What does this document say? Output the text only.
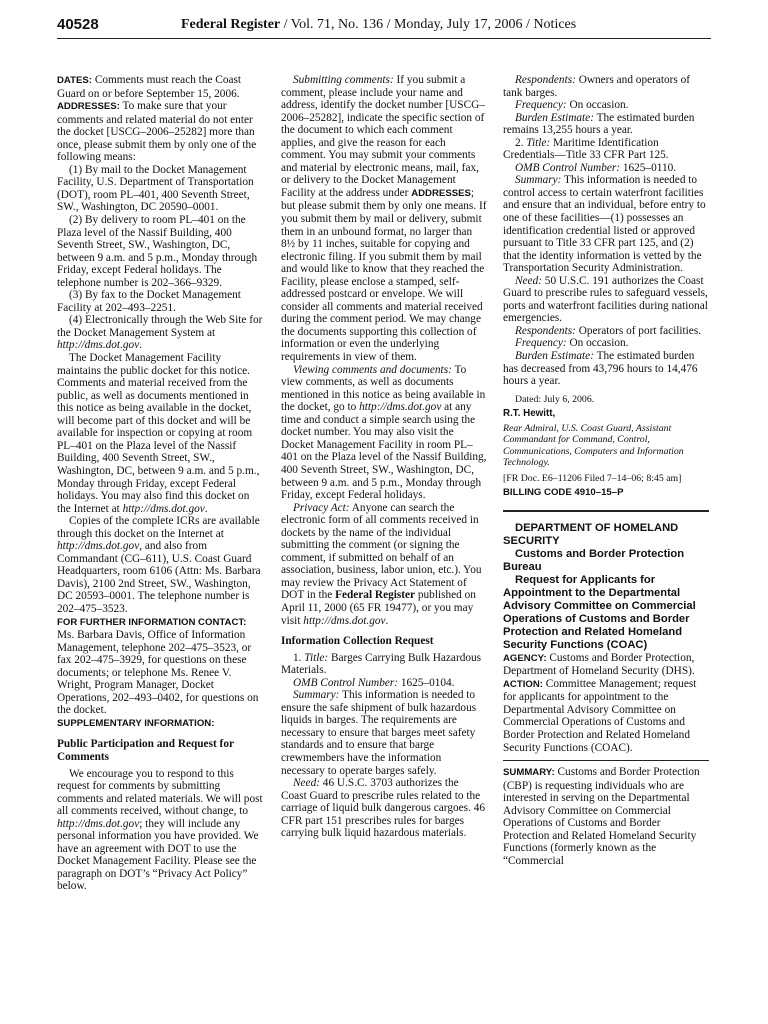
40528	Federal Register / Vol. 71, No. 136 / Monday, July 17, 2006 / Notices

DATES: Comments must reach the Coast Guard on or before September 15, 2006.

ADDRESSES: To make sure that your comments and related material do not enter the docket [USCG–2006–25282] more than once, please submit them by only one of the following means:

(1) By mail to the Docket Management Facility, U.S. Department of Transportation (DOT), room PL–401, 400 Seventh Street, SW., Washington, DC 20590–0001.

(2) By delivery to room PL–401 on the Plaza level of the Nassif Building, 400 Seventh Street, SW., Washington, DC, between 9 a.m. and 5 p.m., Monday through Friday, except Federal holidays. The telephone number is 202–366–9329.

(3) By fax to the Docket Management Facility at 202–493–2251.

(4) Electronically through the Web Site for the Docket Management System at http://dms.dot.gov.

The Docket Management Facility maintains the public docket for this notice. Comments and material received from the public, as well as documents mentioned in this notice as being available in the docket, will become part of this docket and will be available for inspection or copying at room PL–401 on the Plaza level of the Nassif Building, 400 Seventh Street, SW., Washington, DC, between 9 a.m. and 5 p.m., Monday through Friday, except Federal holidays. You may also find this docket on the Internet at http://dms.dot.gov.

Copies of the complete ICRs are available through this docket on the Internet at http://dms.dot.gov, and also from Commandant (CG–611), U.S. Coast Guard Headquarters, room 6106 (Attn: Ms. Barbara Davis), 2100 2nd Street, SW., Washington, DC 20593–0001. The telephone number is 202–475–3523.

FOR FURTHER INFORMATION CONTACT: Ms. Barbara Davis, Office of Information Management, telephone 202–475–3523, or fax 202–475–3929, for questions on these documents; or telephone Ms. Renee V. Wright, Program Manager, Docket Operations, 202–493–0402, for questions on the docket.

SUPPLEMENTARY INFORMATION:

Public Participation and Request for Comments

We encourage you to respond to this request for comments by submitting comments and related materials. We will post all comments received, without change, to http://dms.dot.gov; they will include any personal information you have provided. We have an agreement with DOT to use the Docket Management Facility. Please see the paragraph on DOT’s “Privacy Act Policy” below.

Submitting comments: If you submit a comment, please include your name and address, identify the docket number [USCG–2006–25282], indicate the specific section of the document to which each comment applies, and give the reason for each comment. You may submit your comments and material by electronic means, mail, fax, or delivery to the Docket Management Facility at the address under ADDRESSES; but please submit them by only one means. If you submit them by mail or delivery, submit them in an unbound format, no larger than 8½ by 11 inches, suitable for copying and electronic filing. If you submit them by mail and would like to know that they reached the Facility, please enclose a stamped, self-addressed postcard or envelope. We will consider all comments and material received during the comment period. We may change the documents supporting this collection of information or even the underlying requirements in view of them.

Viewing comments and documents: To view comments, as well as documents mentioned in this notice as being available in the docket, go to http://dms.dot.gov at any time and conduct a simple search using the docket number. You may also visit the Docket Management Facility in room PL–401 on the Plaza level of the Nassif Building, 400 Seventh Street, SW., Washington, DC, between 9 a.m. and 5 p.m., Monday through Friday, except Federal holidays.

Privacy Act: Anyone can search the electronic form of all comments received in dockets by the name of the individual submitting the comment (or signing the comment, if submitted on behalf of an association, business, labor union, etc.). You may review the Privacy Act Statement of DOT in the Federal Register published on April 11, 2000 (65 FR 19477), or you may visit http://dms.dot.gov.

Information Collection Request

1. Title: Barges Carrying Bulk Hazardous Materials.

OMB Control Number: 1625–0104.

Summary: This information is needed to ensure the safe shipment of bulk hazardous liquids in barges. The requirements are necessary to ensure that barges meet safety standards and to ensure that barge crewmembers have the information necessary to operate barges safely.

Need: 46 U.S.C. 3703 authorizes the Coast Guard to prescribe rules related to the carriage of liquid bulk dangerous cargoes. 46 CFR part 151 prescribes rules for barges carrying bulk liquid hazardous materials.

Respondents: Owners and operators of tank barges.

Frequency: On occasion.

Burden Estimate: The estimated burden remains 13,255 hours a year.

2. Title: Maritime Identification Credentials—Title 33 CFR Part 125.

OMB Control Number: 1625–0110.

Summary: This information is needed to control access to certain waterfront facilities and ensure that an individual, before entry to one of these facilities—(1) possesses an identification credential listed or approved pursuant to Title 33 CFR part 125, and (2) that the identity information is vetted by the Transportation Security Administration.

Need: 50 U.S.C. 191 authorizes the Coast Guard to prescribe rules to safeguard vessels, ports and waterfront facilities during national emergencies.

Respondents: Operators of port facilities.

Frequency: On occasion.

Burden Estimate: The estimated burden has decreased from 43,796 hours to 14,476 hours a year.

Dated: July 6, 2006.

R.T. Hewitt,

Rear Admiral, U.S. Coast Guard, Assistant Commandant for Command, Control, Communications, Computers and Information Technology.

[FR Doc. E6–11206 Filed 7–14–06; 8:45 am]

BILLING CODE 4910–15–P

DEPARTMENT OF HOMELAND SECURITY

Customs and Border Protection Bureau

Request for Applicants for Appointment to the Departmental Advisory Committee on Commercial Operations of Customs and Border Protection and Related Homeland Security Functions (COAC)

AGENCY: Customs and Border Protection, Department of Homeland Security (DHS).

ACTION: Committee Management; request for applicants for appointment to the Departmental Advisory Committee on Commercial Operations of Customs and Border Protection and Related Homeland Security Functions (COAC).

SUMMARY: Customs and Border Protection (CBP) is requesting individuals who are interested in serving on the Departmental Advisory Committee on Commercial Operations of Customs and Border Protection and Related Homeland Security Functions (formerly known as the “Commercial
